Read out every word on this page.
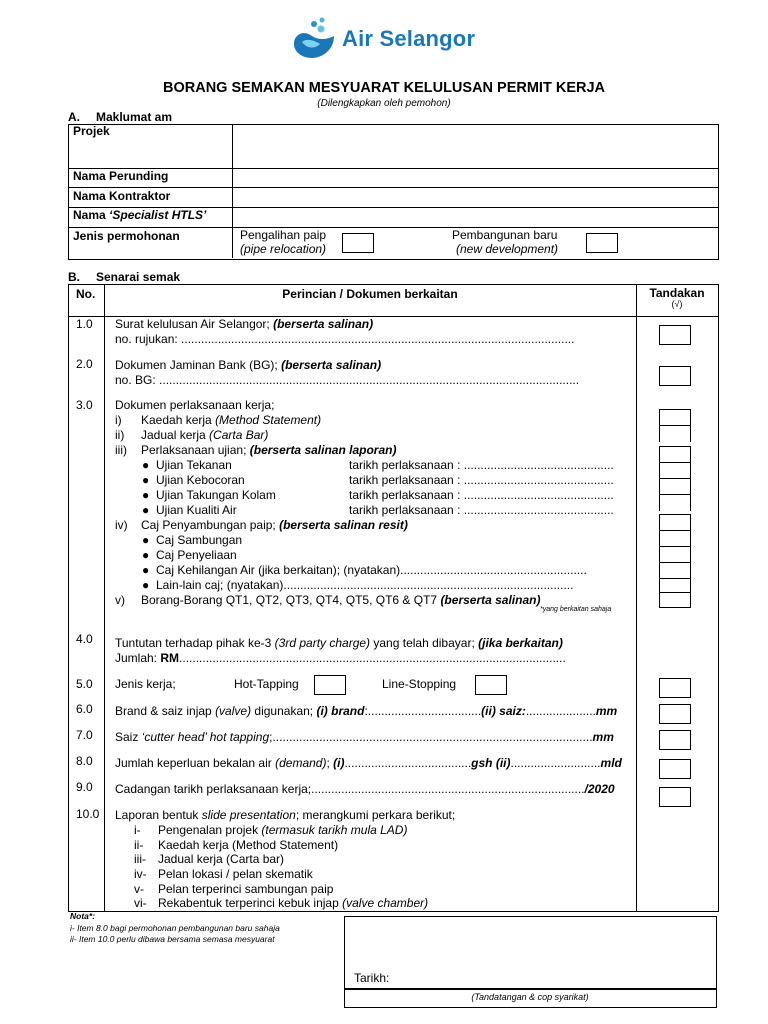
Air Selangor
BORANG SEMAKAN MESYUARAT KELULUSAN PERMIT KERJA
(Dilengkapkan oleh pemohon)
A. Maklumat am
Projek
Nama Perunding
Nama Kontraktor
Nama ‘Specialist HTLS’
Jenis permohonan	Pengalihan paip
(pipe relocation)
Pembangunan baru
(new development)
B. Senarai semak
No.	Perincian / Dokumen berkaitan	Tandakan
(√)
1.0 Surat kelulusan Air Selangor; (berserta salinan)
no. rujukan: ......................................................................................................................
2.0 Dokumen Jaminan Bank (BG); (berserta salinan)
no. BG: ..............................................................................................................................
3.0 Dokumen perlaksanaan kerja;
i) Kaedah kerja (Method Statement)
ii) Jadual kerja (Carta Bar)
iii) Perlaksanaan ujian; (berserta salinan laporan)
● Ujian Tekanan	tarikh perlaksanaan : .............................................
● Ujian Kebocoran	tarikh perlaksanaan : .............................................
● Ujian Takungan Kolam	tarikh perlaksanaan : .............................................
● Ujian Kualiti Air	tarikh perlaksanaan : .............................................
iv) Caj Penyambungan paip; (berserta salinan resit)
● Caj Sambungan
● Caj Penyeliaan
● Caj Kehilangan Air (jika berkaitan); (nyatakan)........................................................
● Lain-lain caj; (nyatakan).......................................................................................
v) Borang-Borang QT1, QT2, QT3, QT4, QT5, QT6 & QT7 (berserta salinan)
*yang berkaitan sahaja
4.0 Tuntutan terhadap pihak ke-3 (3rd party charge) yang telah dibayar; (jika berkaitan)
Jumlah: RM....................................................................................................................
5.0 Jenis kerja;	Hot-Tapping	Line-Stopping
6.0 Brand & saiz injap (valve) digunakan; (i) brand:..................................(ii) saiz:.....................mm
7.0 Saiz ‘cutter head’ hot tapping;................................................................................................mm
8.0 Jumlah keperluan bekalan air (demand); (i)......................................gsh (ii)...........................mld
9.0 Cadangan tarikh perlaksanaan kerja;................................................................................../2020
10.0 Laporan bentuk slide presentation; merangkumi perkara berikut;
i- Pengenalan projek (termasuk tarikh mula LAD)
ii- Kaedah kerja (Method Statement)
iii- Jadual kerja (Carta bar)
iv- Pelan lokasi / pelan skematik
v- Pelan terperinci sambungan paip
vi- Rekabentuk terperinci kebuk injap (valve chamber)
Nota*:
i- Item 8.0 bagi permohonan pembangunan baru sahaja
ii- Item 10.0 perlu dibawa bersama semasa mesyuarat
Tarikh:
(Tandatangan & cop syarikat)
